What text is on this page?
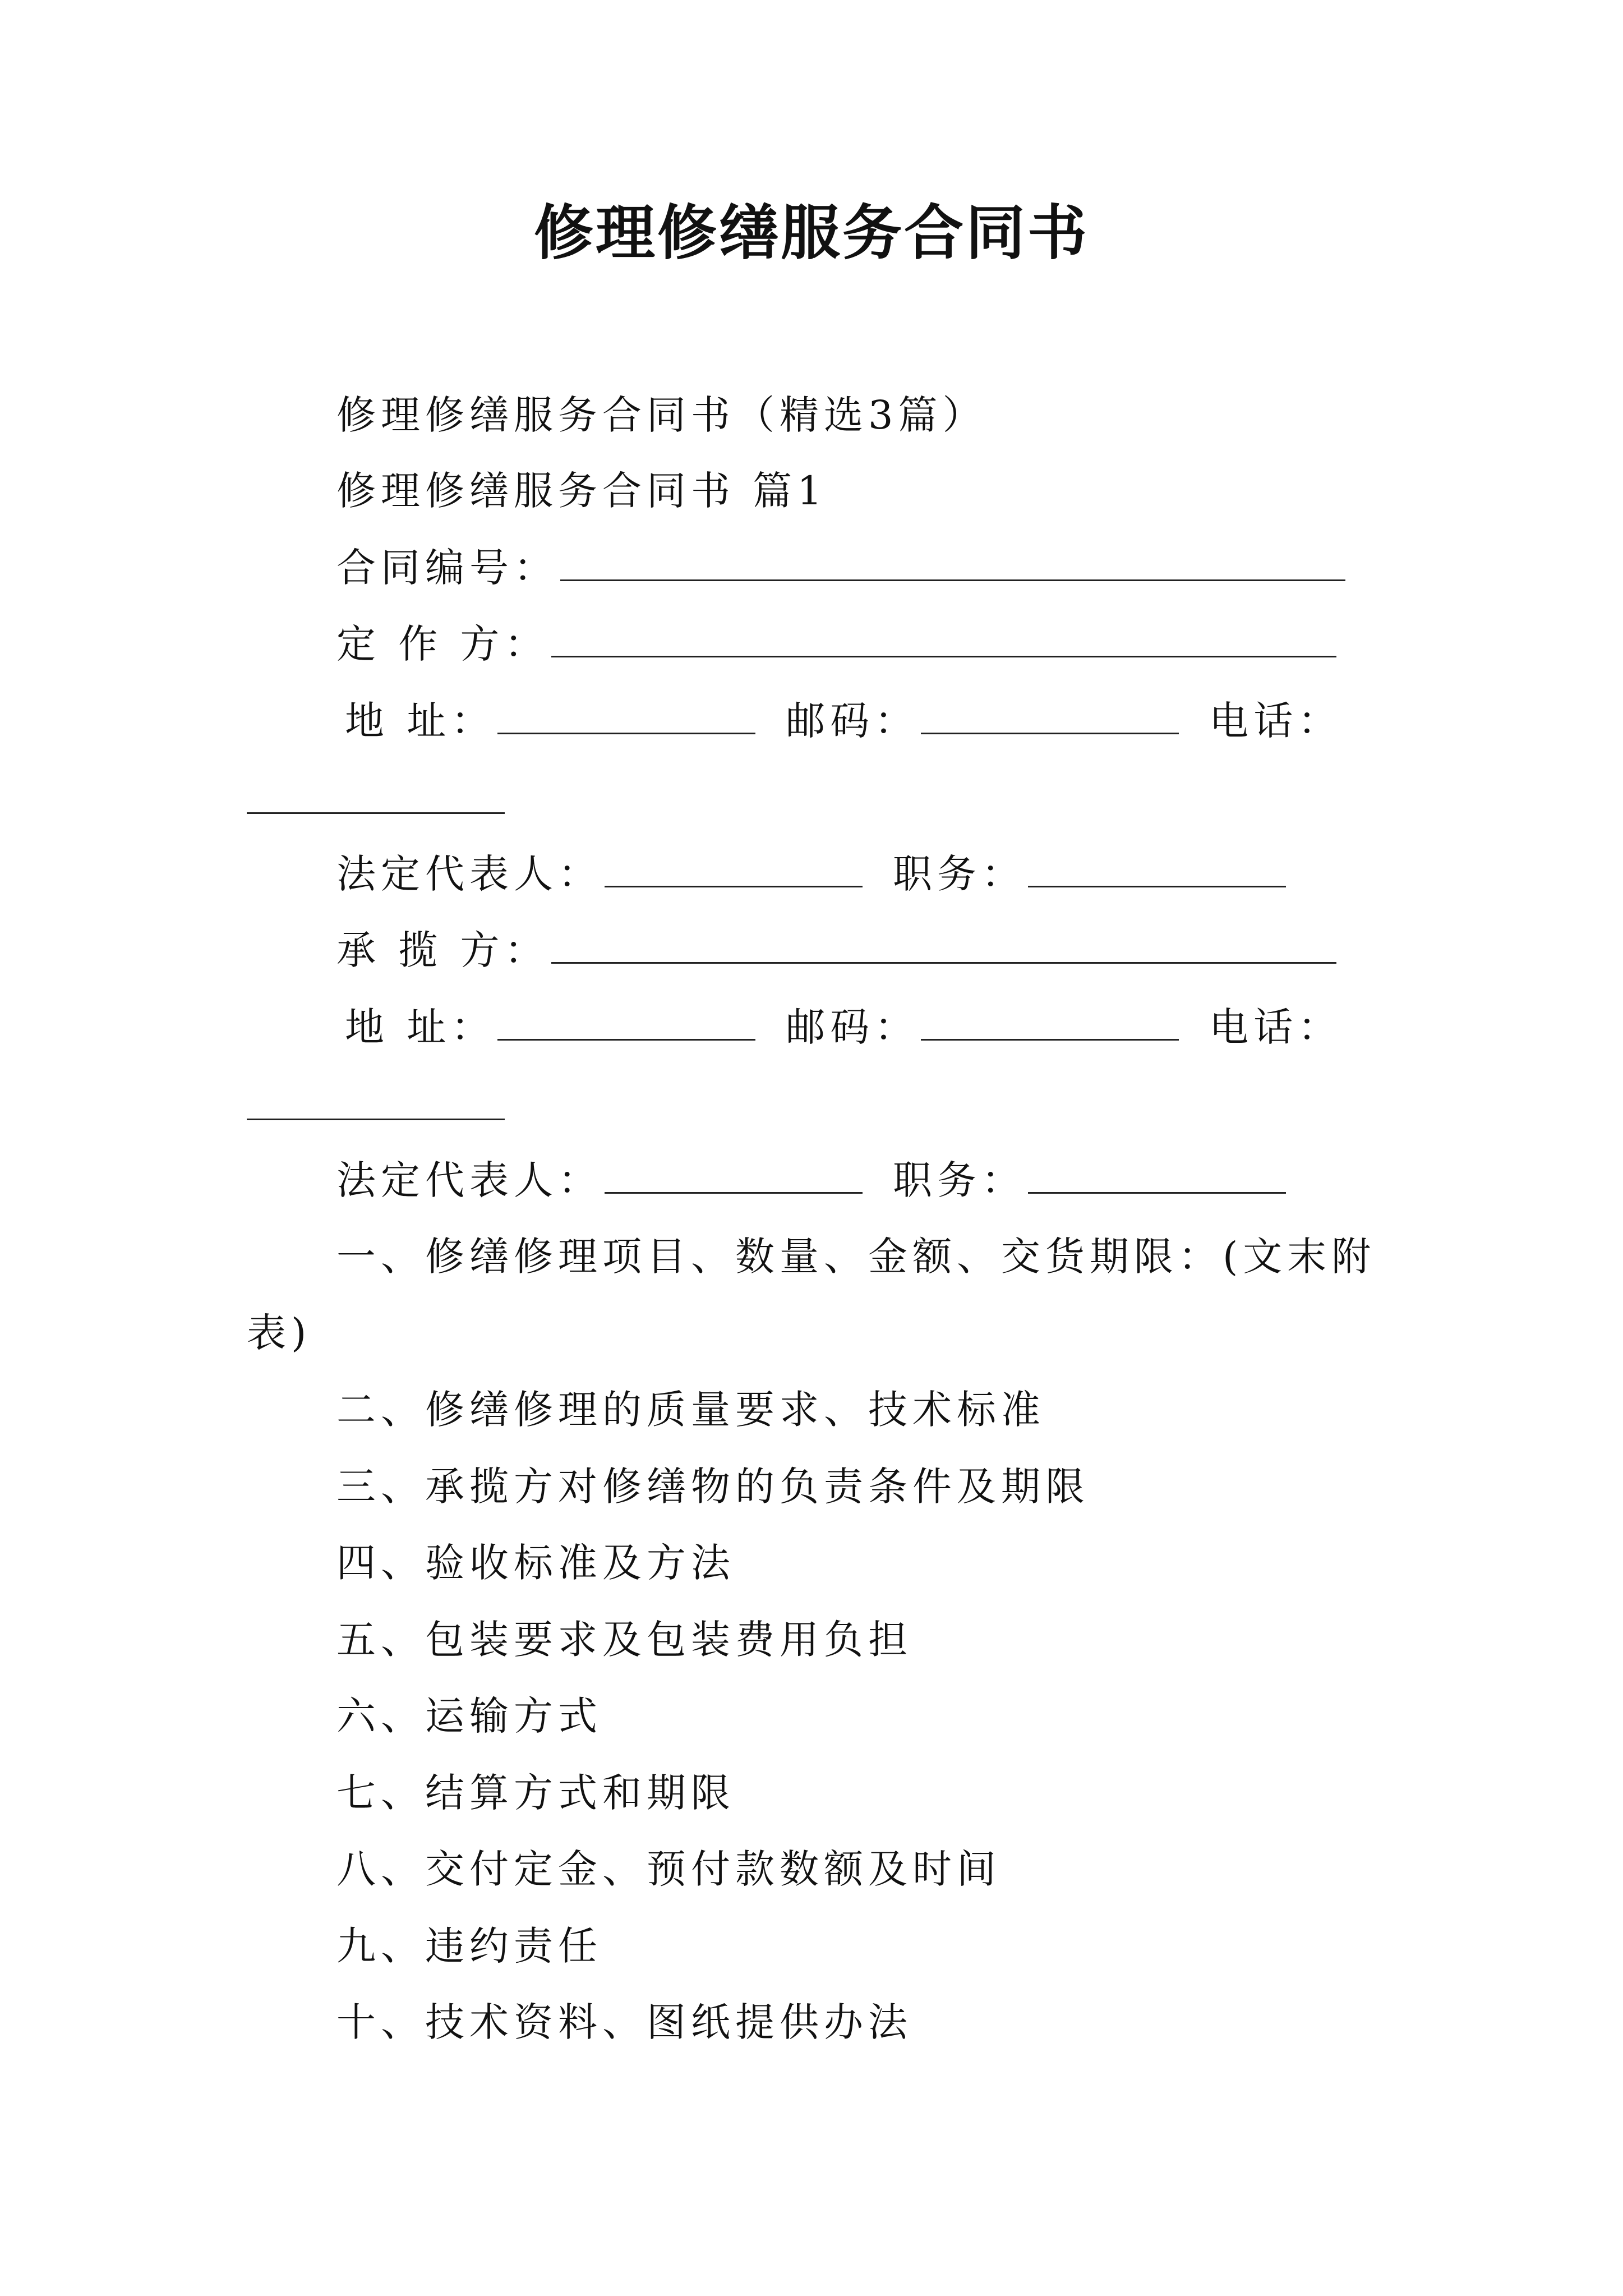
修理修缮服务合同书
修理修缮服务合同书（精选3篇）
修理修缮服务合同书 篇1
合同编号：
定 作 方：
地 址：	邮码：	电话：
法定代表人：	职务：
承 揽 方：
地 址：	邮码：	电话：
法定代表人：	职务：
一、修缮修理项目、数量、金额、交货期限：(文末附表)
二、修缮修理的质量要求、技术标准
三、承揽方对修缮物的负责条件及期限
四、验收标准及方法
五、包装要求及包装费用负担
六、运输方式
七、结算方式和期限
八、交付定金、预付款数额及时间
九、违约责任
十、技术资料、图纸提供办法
